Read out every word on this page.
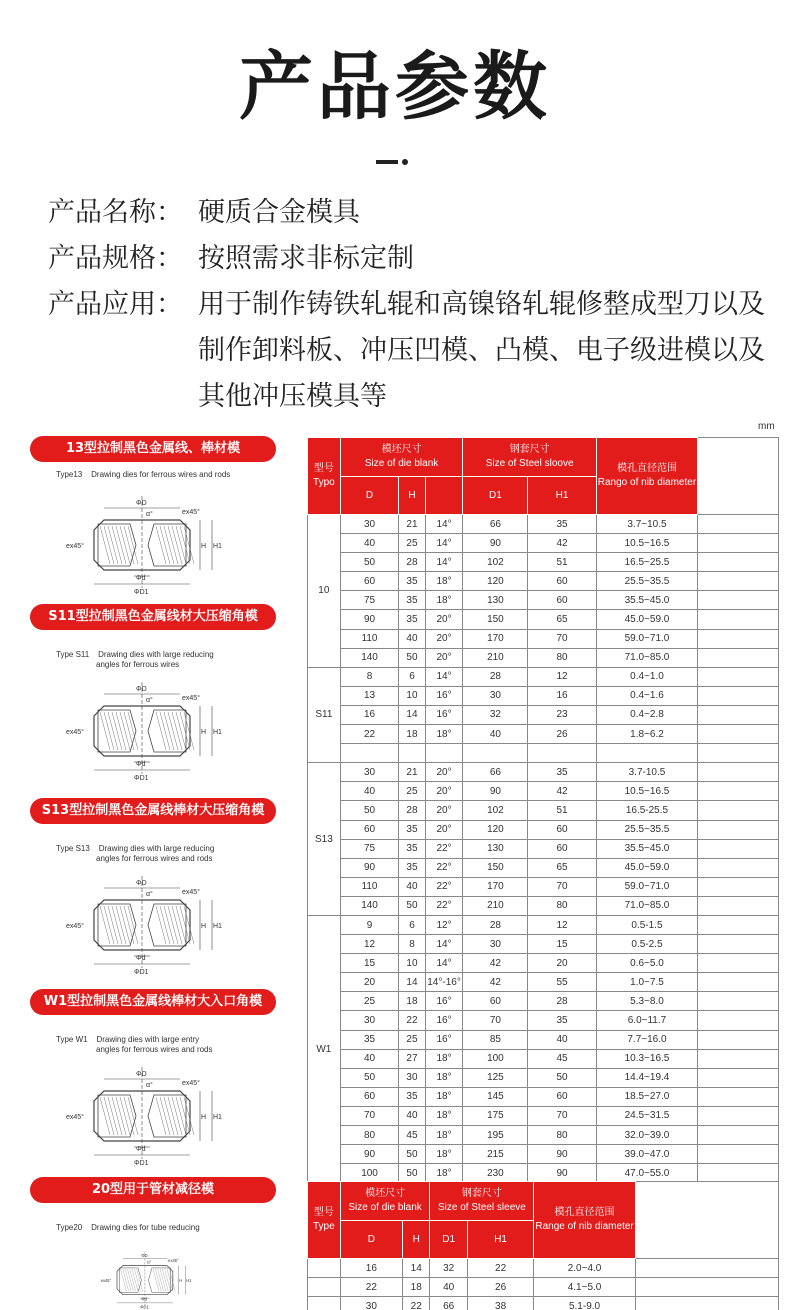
产品参数
产品名称： 硬质合金模具
产品规格： 按照需求非标定制
产品应用： 用于制作铸铁轧辊和高镍铬轧辊修整成型刀以及制作卸料板、冲压凹模、凸模、电子级进模以及其他冲压模具等
mm
13型拉制黑色金属线、棒材模
Type13    Drawing dies for ferrous wires and rods
ΦD
α°	ex45°
ex45°	H H1
Φd
ΦD1
S11型拉制黑色金属线材大压缩角模
Type S11    Drawing dies with large reducing
angles for ferrous wires
ΦD
α°	ex45°
ex45°	H H1
Φd
ΦD1
S13型拉制黑色金属线棒材大压缩角模
Type S13    Drawing dies with large reducing
angles for ferrous wires and rods
ΦD
α°	ex45°
ex45°	H H1
Φd
ΦD1
W1型拉制黑色金属线棒材大入口角模
Type W1    Drawing dies with large entry
angles for ferrous wires and rods
ΦD
α°	ex45°
ex45°	H H1
Φd
ΦD1
20型用于管材减径模
Type20    Drawing dies for tube reducing
ΦD
α° ex45°
ex45°	H H1
Φd
ΦD1
型号
Typo	模坯尺寸
Size of die blank			钢套尺寸
Size of Steel sloove		模孔直径范围
Rango of nib diameter	
	D	H		D1	H1		
10	30	21	14°	66	35	3.7~10.5	
	40	25	14°	90	42	10.5~16.5	
	50	28	14°	102	51	16.5~25.5	
	60	35	18°	120	60	25.5~35.5	
	75	35	18°	130	60	35.5~45.0	
	90	35	20°	150	65	45.0~59.0	
	110	40	20°	170	70	59.0~71.0	
	140	50	20°	210	80	71.0~85.0	
S11	8	6	14°	28	12	0.4~1.0	
	13	10	16°	30	16	0.4~1.6	
	16	14	16°	32	23	0.4~2.8	
	22	18	18°	40	26	1.8~6.2	

S13	30	21	20°	66	35	3.7-10.5	
	40	25	20°	90	42	10.5~16.5	
	50	28	20°	102	51	16.5-25.5	
	60	35	20°	120	60	25.5~35.5	
	75	35	22°	130	60	35.5~45.0	
	90	35	22°	150	65	45.0~59.0	
	110	40	22°	170	70	59.0~71.0	
	140	50	22°	210	80	71.0~85.0	
W1	9	6	12°	28	12	0.5-1.5	
	12	8	14°	30	15	0.5-2.5	
	15	10	14°	42	20	0.6~5.0	
	20	14	14°-16°	42	55	1.0~7.5	
	25	18	16°	60	28	5.3~8.0	
	30	22	16°	70	35	6.0~11.7	
	35	25	16°	85	40	7.7~16.0	
	40	27	18°	100	45	10.3~16.5	
	50	30	18°	125	50	14.4~19.4	
	60	35	18°	145	60	18.5~27.0	
	70	40	18°	175	70	24.5~31.5	
	80	45	18°	195	80	32.0~39.0	
	90	50	18°	215	90	39.0~47.0	
	100	50	18°	230	90	47.0~55.0	
型号
Type	模坯尺寸
Size of die blank		钢套尺寸
Size of Steel sleeve		模孔直径范围
Range of nib diameter	
	D	H	D1	H1		
	16	14	32	22	2.0~4.0	
	22	18	40	26	4.1~5.0	
	30	22	66	38	5.1-9.0	
